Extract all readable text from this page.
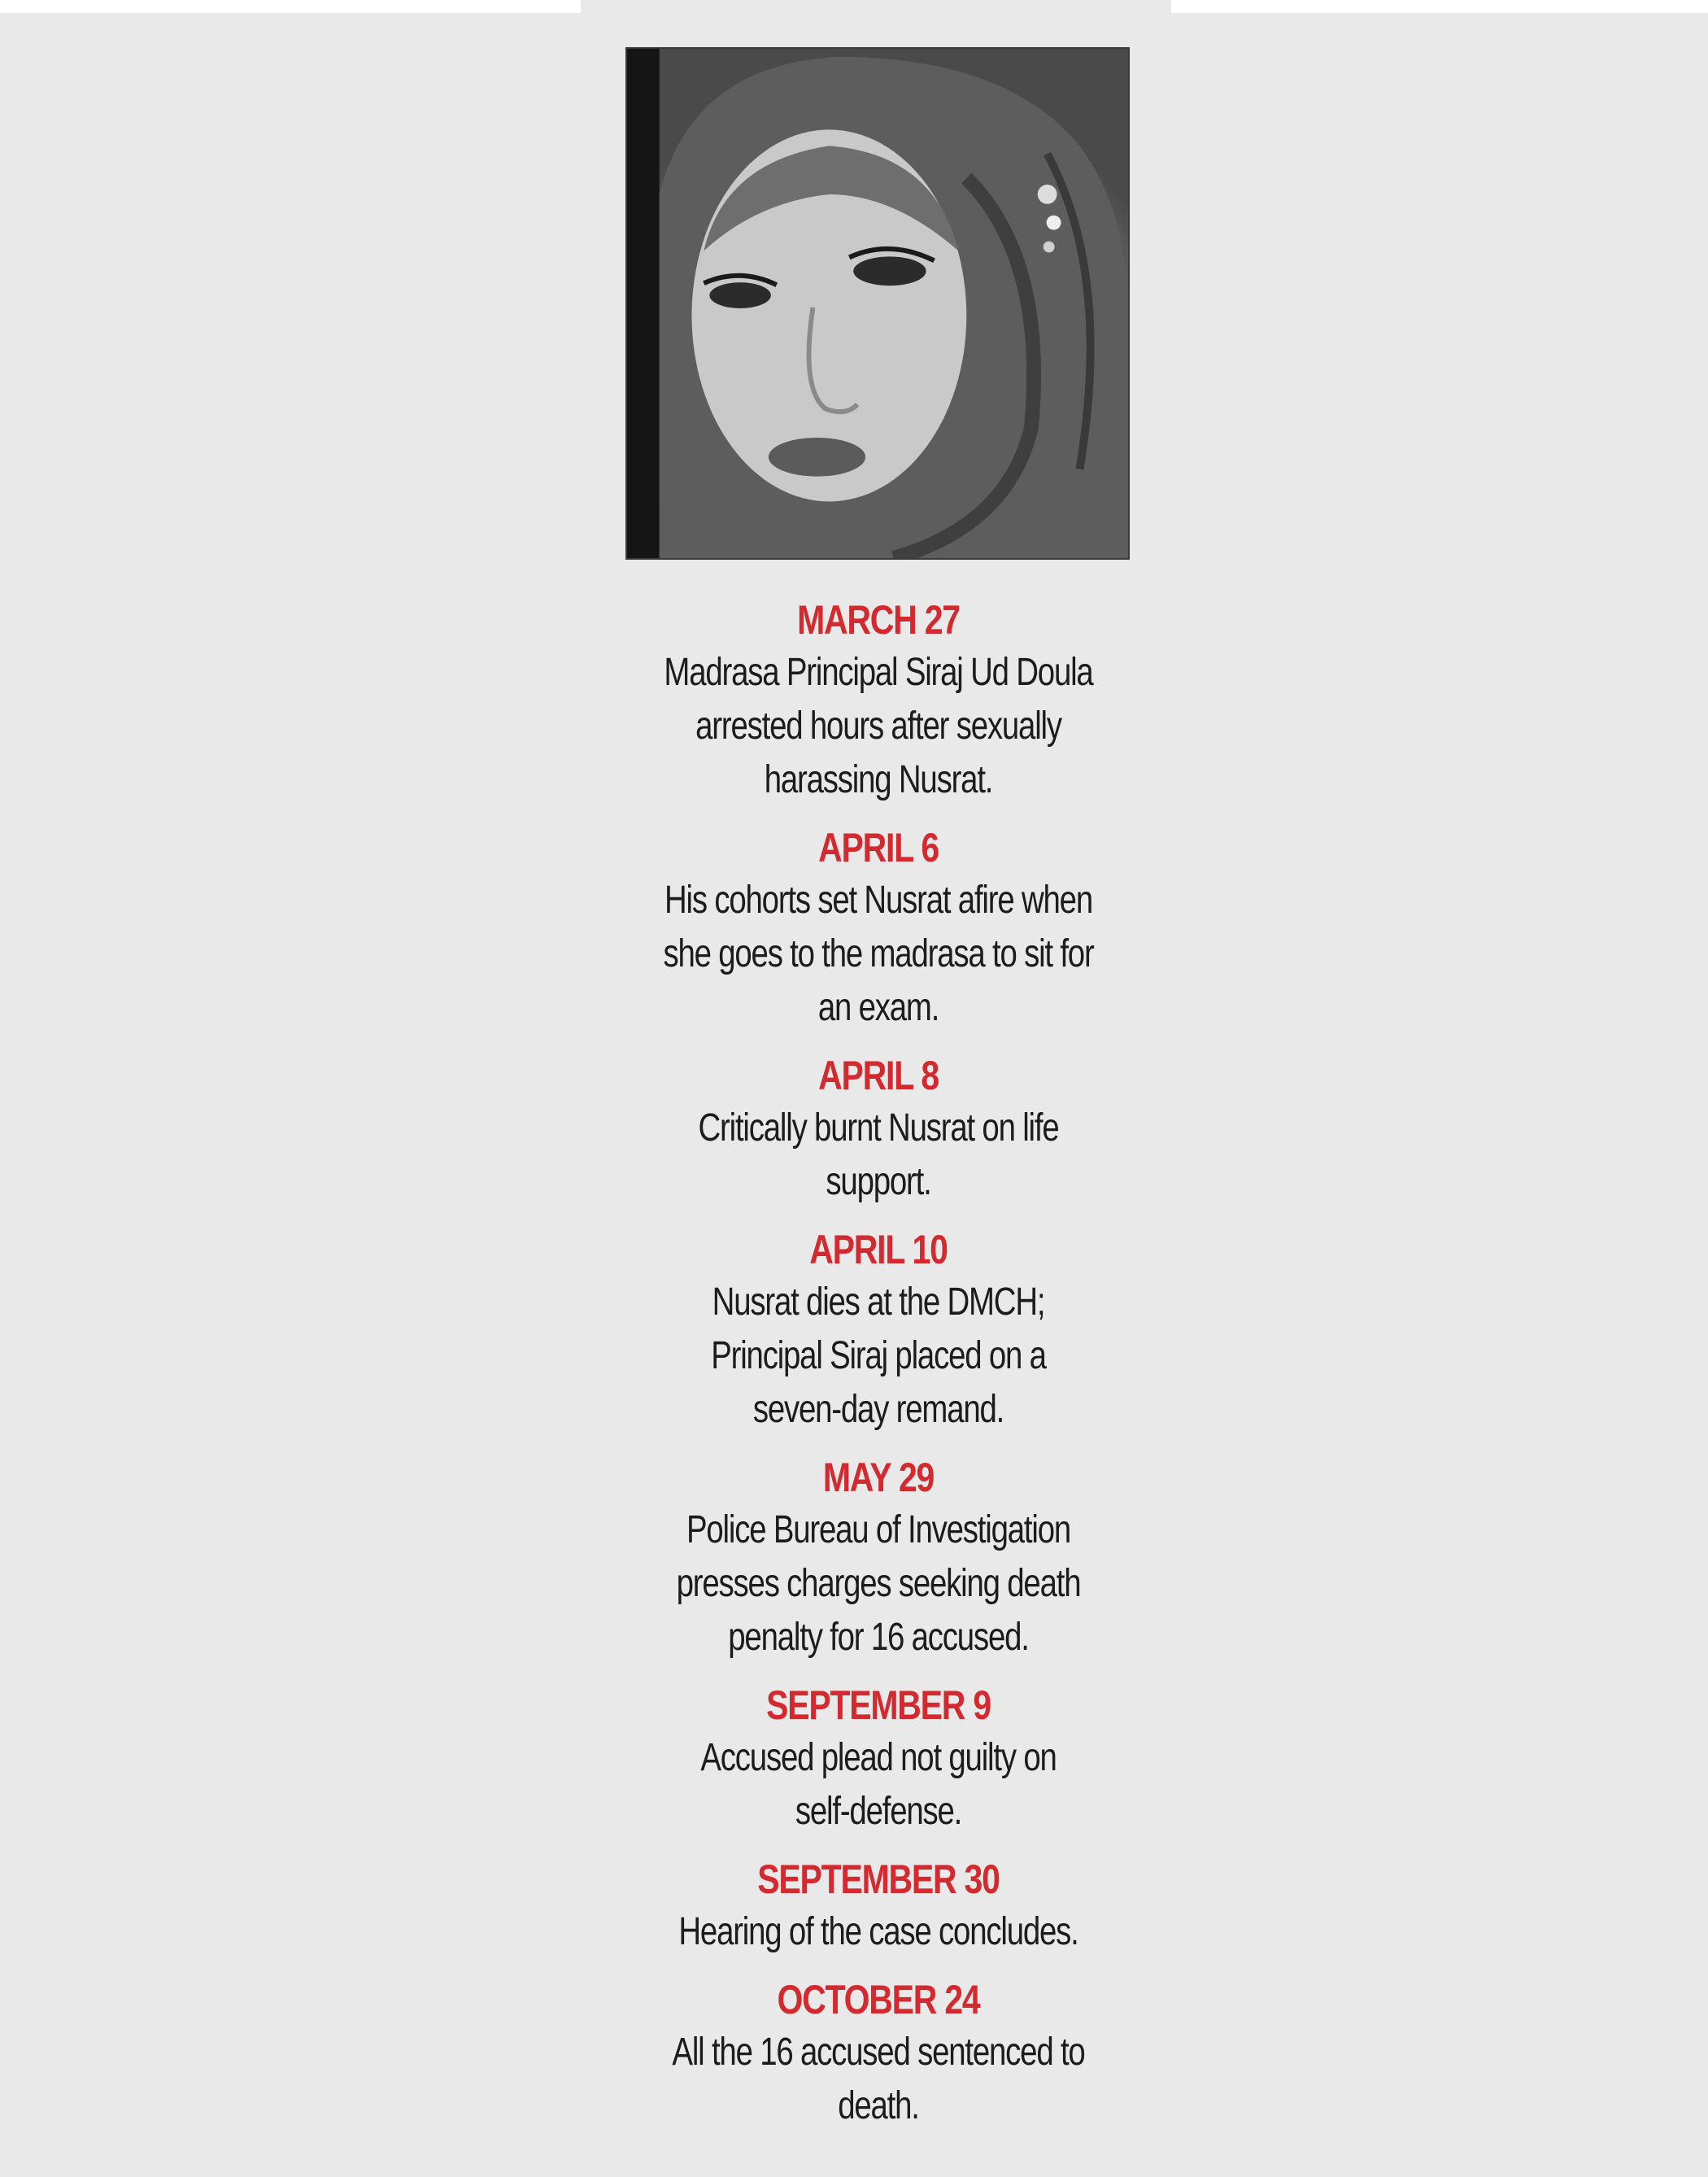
MARCH 27
Madrasa Principal Siraj Ud Doula
arrested hours after sexually
harassing Nusrat.
APRIL 6
His cohorts set Nusrat afire when
she goes to the madrasa to sit for
an exam.
APRIL 8
Critically burnt Nusrat on life
support.
APRIL 10
Nusrat dies at the DMCH;
Principal Siraj placed on a
seven-day remand.
MAY 29
Police Bureau of Investigation
presses charges seeking death
penalty for 16 accused.
SEPTEMBER 9
Accused plead not guilty on
self-defense.
SEPTEMBER 30
Hearing of the case concludes.
OCTOBER 24
All the 16 accused sentenced to
death.
